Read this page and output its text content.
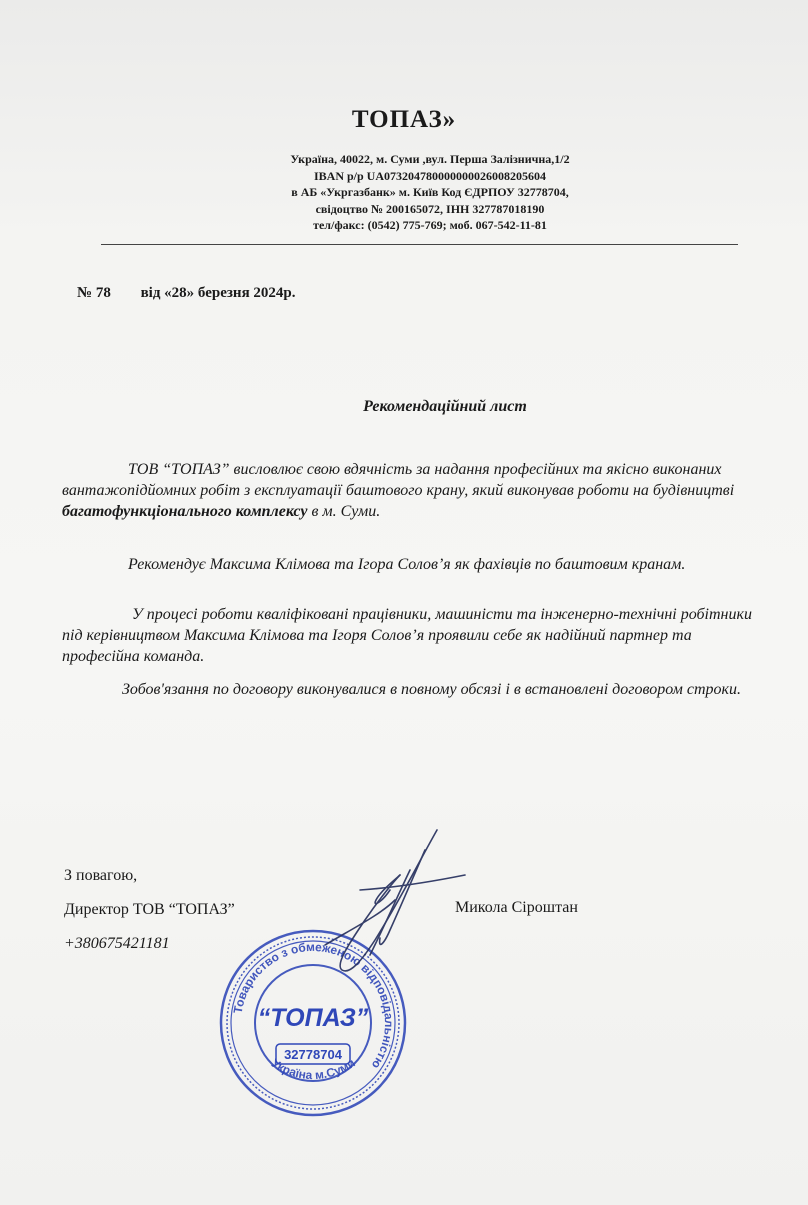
ТОПАЗ»
Україна, 40022, м. Суми ,вул. Перша Залізнична,1/2
IBAN р/р UA073204780000000026008205604
в АБ «Укргазбанк» м. Київ Код ЄДРПОУ 32778704,
свідоцтво № 200165072, ІНН 327787018190
тел/факс: (0542) 775-769; моб. 067-542-11-81
№ 78 від «28» березня 2024р.
Рекомендаційний лист
ТОВ “ТОПАЗ” висловлює свою вдячність за надання професійних та якісно виконаних вантажопідйомних робіт з експлуатації баштового крану, який виконував роботи на будівництві багатофункціонального комплексу в м. Суми.
Рекомендує Максима Клімова та Ігора Солов’я як фахівців по баштовим кранам.
У процесі роботи кваліфіковані працівники, машиністи та інженерно-технічні робітники під керівництвом Максима Клімова та Ігоря Солов’я проявили себе як надійний партнер та професійна команда.
Зобов'язання по договору виконувалися в повному обсязі і в встановлені договором строки.
З повагою,
Директор ТОВ “ТОПАЗ”
+380675421181
Микола Сіроштан
Товариство з обмеженою відповідальністю
Україна м.Суми
“ТОПАЗ”
32778704
